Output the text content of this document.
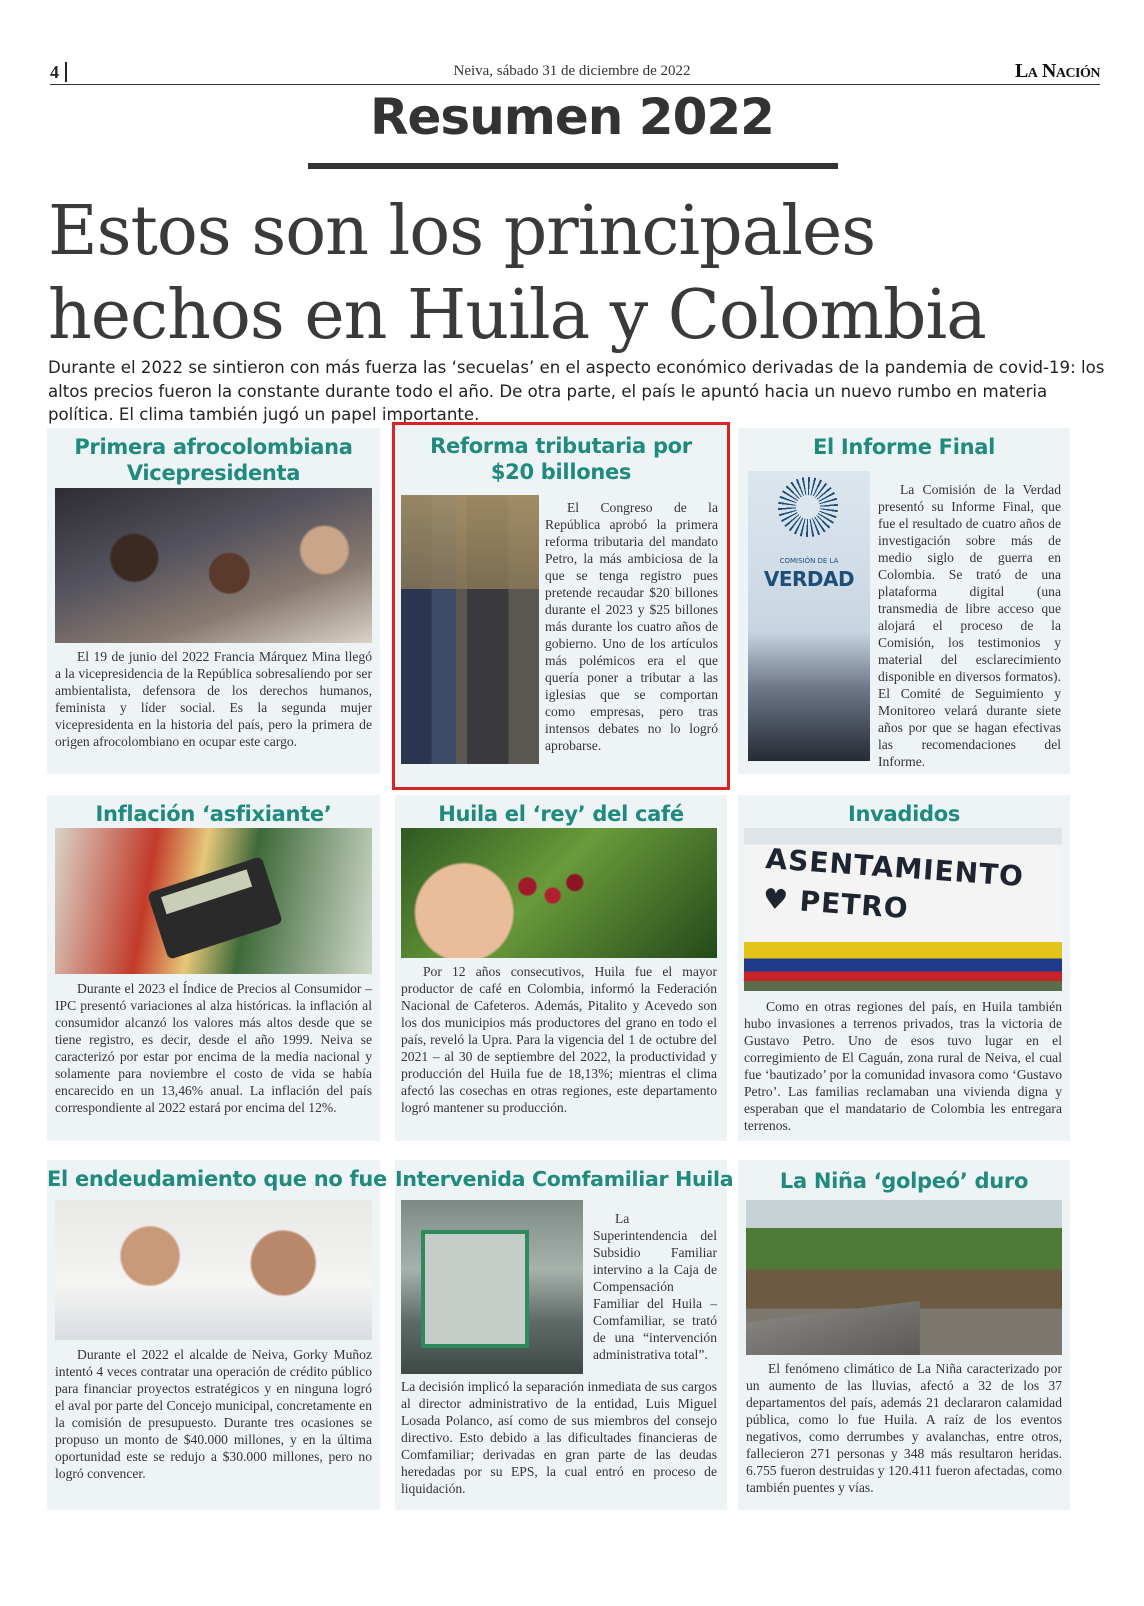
4	Neiva, sábado 31 de diciembre de 2022	La Nación
Resumen 2022
Estos son los principales hechos en Huila y Colombia
Durante el 2022 se sintieron con más fuerza las ‘secuelas’ en el aspecto económico derivadas de la pandemia de covid-19: los altos precios fueron la constante durante todo el año. De otra parte, el país le apuntó hacia un nuevo rumbo en materia política. El clima también jugó un papel importante.
Primera afrocolombiana Vicepresidenta
El 19 de junio del 2022 Francia Márquez Mina llegó a la vicepresidencia de la República sobresaliendo por ser ambientalista, defensora de los derechos humanos, feminista y líder social. Es la segunda mujer vicepresidenta en la historia del país, pero la primera de origen afrocolombiano en ocupar este cargo.
Reforma tributaria por $20 billones
El Congreso de la República aprobó la primera reforma tributaria del mandato Petro, la más ambiciosa de la que se tenga registro pues pretende recaudar $20 billones durante el 2023 y $25 billones más durante los cuatro años de gobierno. Uno de los artículos más polémicos era el que quería poner a tributar a las iglesias que se comportan como empresas, pero tras intensos debates no lo logró aprobarse.
El Informe Final
COMISIÓN DE LA
VERDAD
La Comisión de la Verdad presentó su Informe Final, que fue el resultado de cuatro años de investigación sobre más de medio siglo de guerra en Colombia. Se trató de una plataforma digital (una transmedia de libre acceso que alojará el proceso de la Comisión, los testimonios y material del esclarecimiento disponible en diversos formatos). El Comité de Seguimiento y Monitoreo velará durante siete años por que se hagan efectivas las recomendaciones del Informe.
Inflación ‘asfixiante’
Durante el 2023 el Índice de Precios al Consumidor – IPC presentó variaciones al alza históricas. la inflación al consumidor alcanzó los valores más altos desde que se tiene registro, es decir, desde el año 1999. Neiva se caracterizó por estar por encima de la media nacional y solamente para noviembre el costo de vida se había encarecido en un 13,46% anual. La inflación del país correspondiente al 2022 estará por encima del 12%.
Huila el ‘rey’ del café
Por 12 años consecutivos, Huila fue el mayor productor de café en Colombia, informó la Federación Nacional de Cafeteros. Además, Pitalito y Acevedo son los dos municipios más productores del grano en todo el país, reveló la Upra. Para la vigencia del 1 de octubre del 2021 – al 30 de septiembre del 2022, la productividad y producción del Huila fue de 18,13%; mientras el clima afectó las cosechas en otras regiones, este departamento logró mantener su producción.
Invadidos
ASENTAMIENTO ♥ PETRO
Como en otras regiones del país, en Huila también hubo invasiones a terrenos privados, tras la victoria de Gustavo Petro. Uno de esos tuvo lugar en el corregimiento de El Caguán, zona rural de Neiva, el cual fue ‘bautizado’ por la comunidad invasora como ‘Gustavo Petro’. Las familias reclamaban una vivienda digna y esperaban que el mandatario de Colombia les entregara terrenos.
El endeudamiento que no fue
Durante el 2022 el alcalde de Neiva, Gorky Muñoz intentó 4 veces contratar una operación de crédito público para financiar proyectos estratégicos y en ninguna logró el aval por parte del Concejo municipal, concretamente en la comisión de presupuesto. Durante tres ocasiones se propuso un monto de $40.000 millones, y en la última oportunidad este se redujo a $30.000 millones, pero no logró convencer.
Intervenida Comfamiliar Huila
La Superintendencia del Subsidio Familiar intervino a la Caja de Compensación Familiar del Huila – Comfamiliar, se trató de una “intervención administrativa total”.
La decisión implicó la separación inmediata de sus cargos al director administrativo de la entidad, Luis Miguel Losada Polanco, así como de sus miembros del consejo directivo. Esto debido a las dificultades financieras de Comfamiliar; derivadas en gran parte de las deudas heredadas por su EPS, la cual entró en proceso de liquidación.
La Niña ‘golpeó’ duro
El fenómeno climático de La Niña caracterizado por un aumento de las lluvias, afectó a 32 de los 37 departamentos del país, además 21 declararon calamidad pública, como lo fue Huila. A raíz de los eventos negativos, como derrumbes y avalanchas, entre otros, fallecieron 271 personas y 348 más resultaron heridas. 6.755 fueron destruidas y 120.411 fueron afectadas, como también puentes y vías.
